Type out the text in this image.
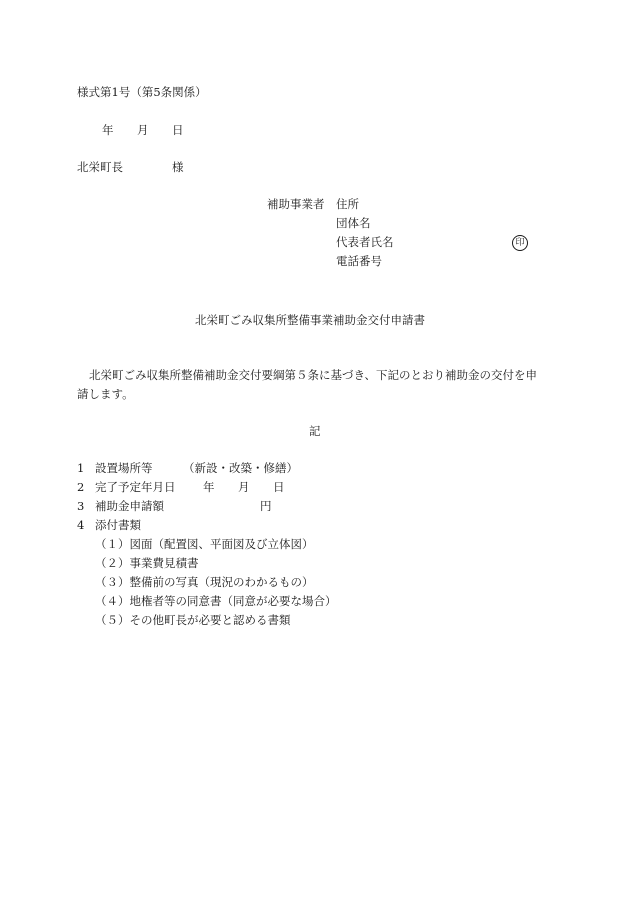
様式第1号（第5条関係）
年 月 日
北栄町長	様
補助事業者 住所
団体名
代表者氏名	印
電話番号
北栄町ごみ収集所整備事業補助金交付申請書
北栄町ごみ収集所整備補助金交付要綱第５条に基づき、下記のとおり補助金の交付を申
請します。
記
1 設置場所等	（新設・改築・修繕）
2 完了予定年月日 年 月 日
3 補助金申請額	円
4 添付書類
（１）図面（配置図、平面図及び立体図）
（２）事業費見積書
（３）整備前の写真（現況のわかるもの）
（４）地権者等の同意書（同意が必要な場合）
（５）その他町長が必要と認める書類
